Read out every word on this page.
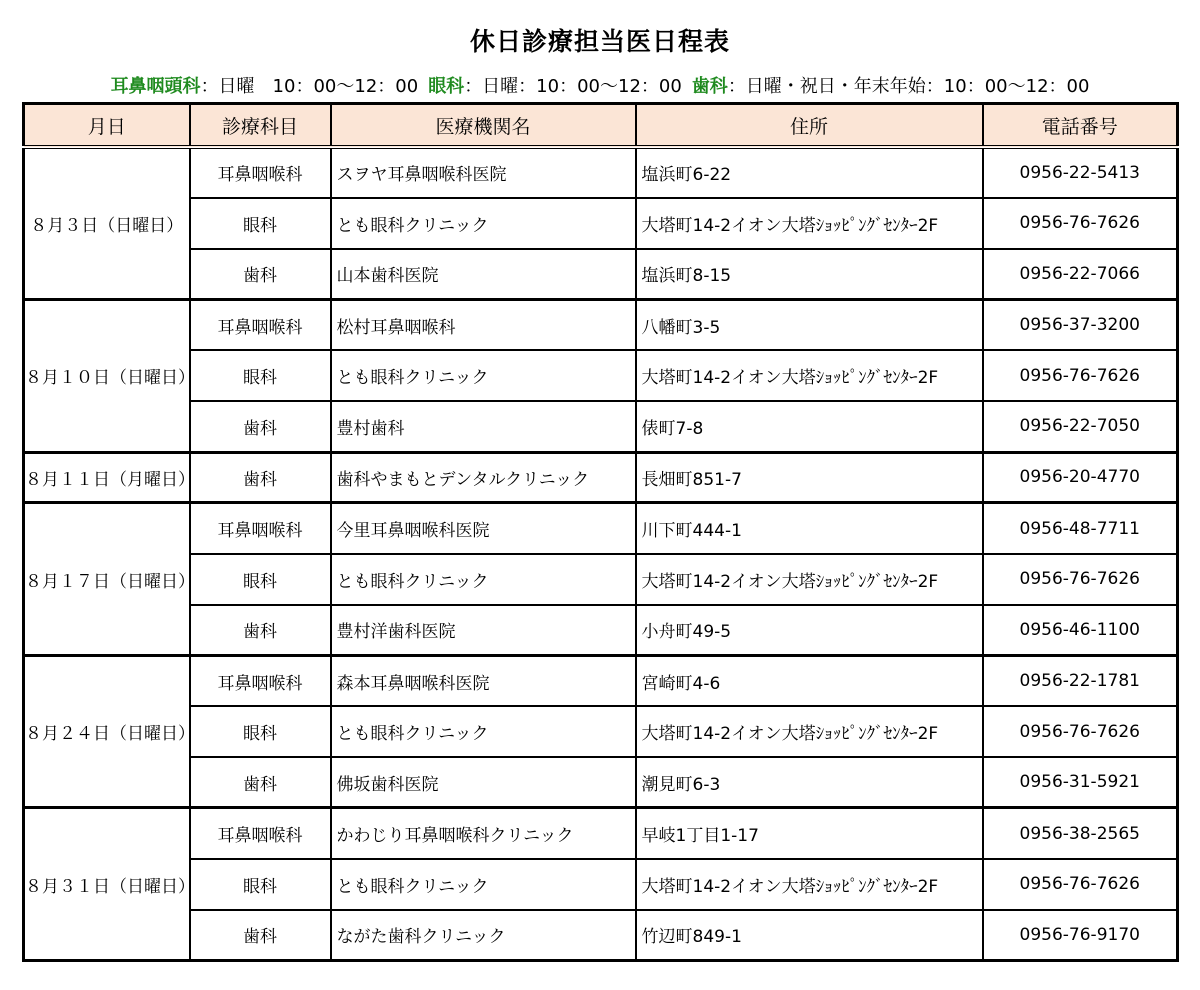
休日診療担当医日程表
耳鼻咽頭科：日曜　10：00～12：00 眼科：日曜：10：00～12：00 歯科：日曜・祝日・年末年始：10：00～12：00
月日	診療科目	医療機関名	住所	電話番号
８月３日（日曜日）	耳鼻咽喉科	スヲヤ耳鼻咽喉科医院	塩浜町6-22	0956-22-5413
	眼科	とも眼科クリニック	大塔町14-2イオン大塔ｼｮｯﾋﾟﾝｸﾞｾﾝﾀｰ2F	0956-76-7626
	歯科	山本歯科医院	塩浜町8-15	0956-22-7066
８月１０日（日曜日）	耳鼻咽喉科	松村耳鼻咽喉科	八幡町3-5	0956-37-3200
	眼科	とも眼科クリニック	大塔町14-2イオン大塔ｼｮｯﾋﾟﾝｸﾞｾﾝﾀｰ2F	0956-76-7626
	歯科	豊村歯科	俵町7-8	0956-22-7050
８月１１日（月曜日）	歯科	歯科やまもとデンタルクリニック	長畑町851-7	0956-20-4770
８月１７日（日曜日）	耳鼻咽喉科	今里耳鼻咽喉科医院	川下町444-1	0956-48-7711
	眼科	とも眼科クリニック	大塔町14-2イオン大塔ｼｮｯﾋﾟﾝｸﾞｾﾝﾀｰ2F	0956-76-7626
	歯科	豊村洋歯科医院	小舟町49-5	0956-46-1100
８月２４日（日曜日）	耳鼻咽喉科	森本耳鼻咽喉科医院	宮崎町4-6	0956-22-1781
	眼科	とも眼科クリニック	大塔町14-2イオン大塔ｼｮｯﾋﾟﾝｸﾞｾﾝﾀｰ2F	0956-76-7626
	歯科	佛坂歯科医院	潮見町6-3	0956-31-5921
８月３１日（日曜日）	耳鼻咽喉科	かわじり耳鼻咽喉科クリニック	早岐1丁目1-17	0956-38-2565
	眼科	とも眼科クリニック	大塔町14-2イオン大塔ｼｮｯﾋﾟﾝｸﾞｾﾝﾀｰ2F	0956-76-7626
	歯科	ながた歯科クリニック	竹辺町849-1	0956-76-9170
